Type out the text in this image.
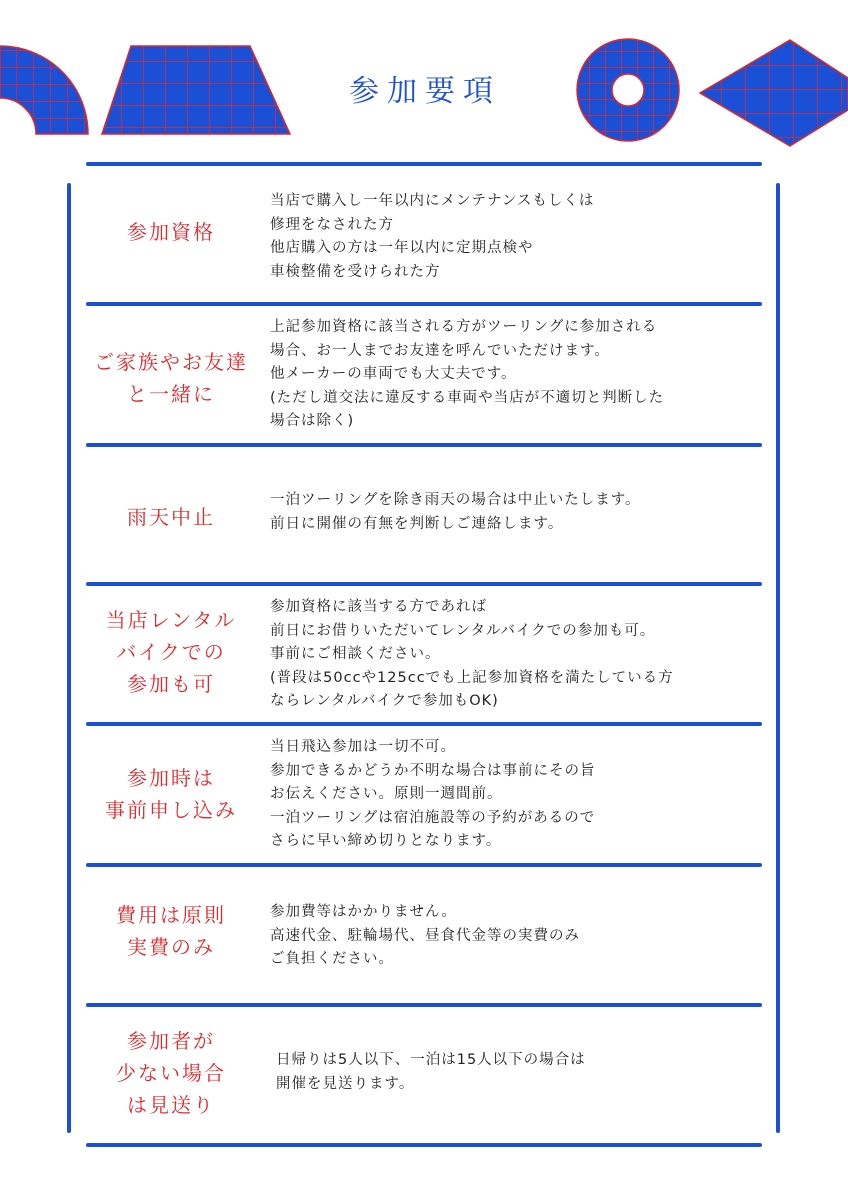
参加要項
参加資格
当店で購入し一年以内にメンテナンスもしくは
修理をなされた方
他店購入の方は一年以内に定期点検や
車検整備を受けられた方
ご家族やお友達
と一緒に
上記参加資格に該当される方がツーリングに参加される
場合、お一人までお友達を呼んでいただけます。
他メーカーの車両でも大丈夫です。
(ただし道交法に違反する車両や当店が不適切と判断した
場合は除く)
雨天中止
一泊ツーリングを除き雨天の場合は中止いたします。
前日に開催の有無を判断しご連絡します。
当店レンタル
バイクでの
参加も可
参加資格に該当する方であれば
前日にお借りいただいてレンタルバイクでの参加も可。
事前にご相談ください。
(普段は50ccや125ccでも上記参加資格を満たしている方
ならレンタルバイクで参加もOK)
参加時は
事前申し込み
当日飛込参加は一切不可。
参加できるかどうか不明な場合は事前にその旨
お伝えください。原則一週間前。
一泊ツーリングは宿泊施設等の予約があるので
さらに早い締め切りとなります。
費用は原則
実費のみ
参加費等はかかりません。
高速代金、駐輪場代、昼食代金等の実費のみ
ご負担ください。
参加者が
少ない場合
は見送り
日帰りは5人以下、一泊は15人以下の場合は
開催を見送ります。
